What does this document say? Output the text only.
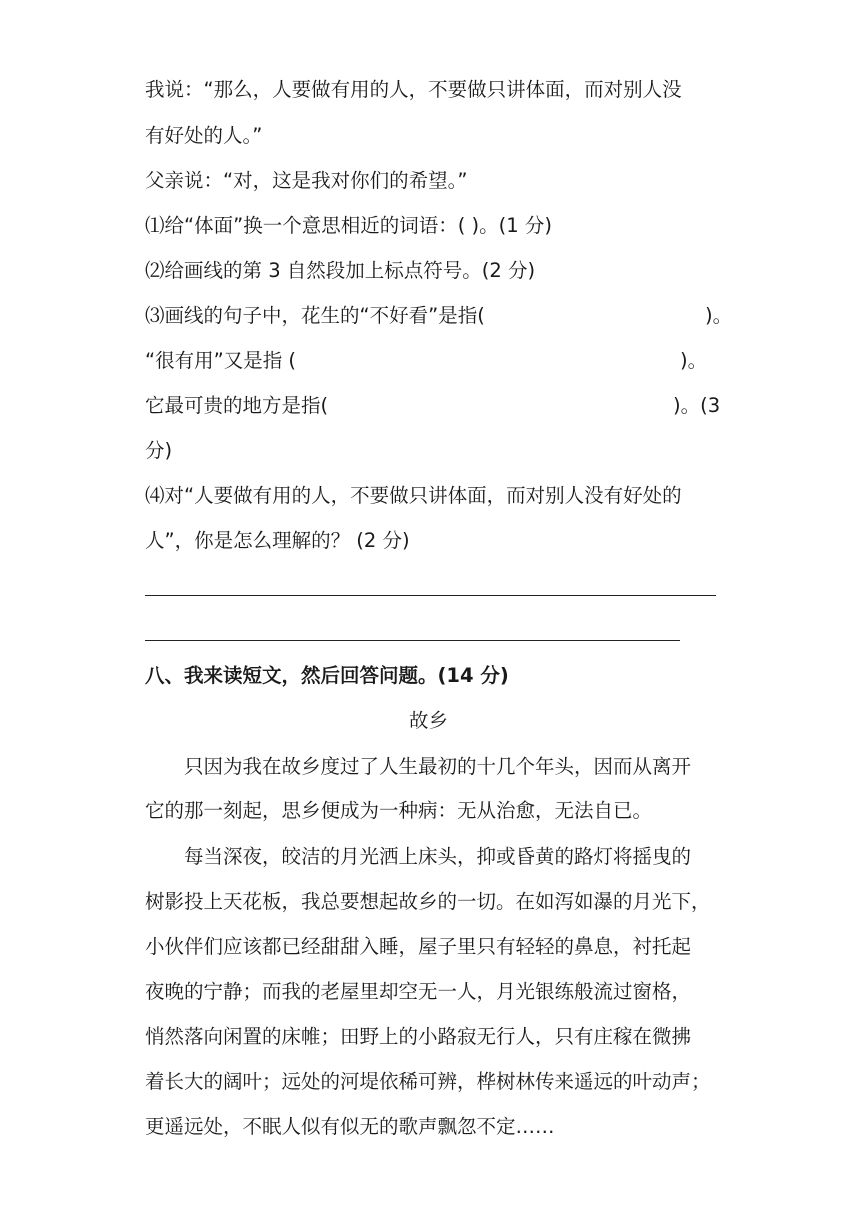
我说：“那么，人要做有用的人，不要做只讲体面，而对别人没
有好处的人。”
父亲说：“对，这是我对你们的希望。”
⑴给“体面”换一个意思相近的词语：( )。(1 分)
⑵给画线的第 3 自然段加上标点符号。(2 分)
⑶画线的句子中，花生的“不好看”是指(	)。
“很有用”又是指 (	)。
它最可贵的地方是指(	)。(3
分)
⑷对“人要做有用的人，不要做只讲体面，而对别人没有好处的
人”，你是怎么理解的？ (2 分)
八、我来读短文，然后回答问题。(14 分)
故乡
只因为我在故乡度过了人生最初的十几个年头，因而从离开
它的那一刻起，思乡便成为一种病：无从治愈，无法自已。
每当深夜，皎洁的月光洒上床头，抑或昏黄的路灯将摇曳的
树影投上天花板，我总要想起故乡的一切。在如泻如瀑的月光下，
小伙伴们应该都已经甜甜入睡，屋子里只有轻轻的鼻息，衬托起
夜晚的宁静；而我的老屋里却空无一人，月光银练般流过窗格，
悄然落向闲置的床帷；田野上的小路寂无行人，只有庄稼在微拂
着长大的阔叶；远处的河堤依稀可辨，桦树林传来遥远的叶动声；
更遥远处，不眠人似有似无的歌声飘忽不定……
